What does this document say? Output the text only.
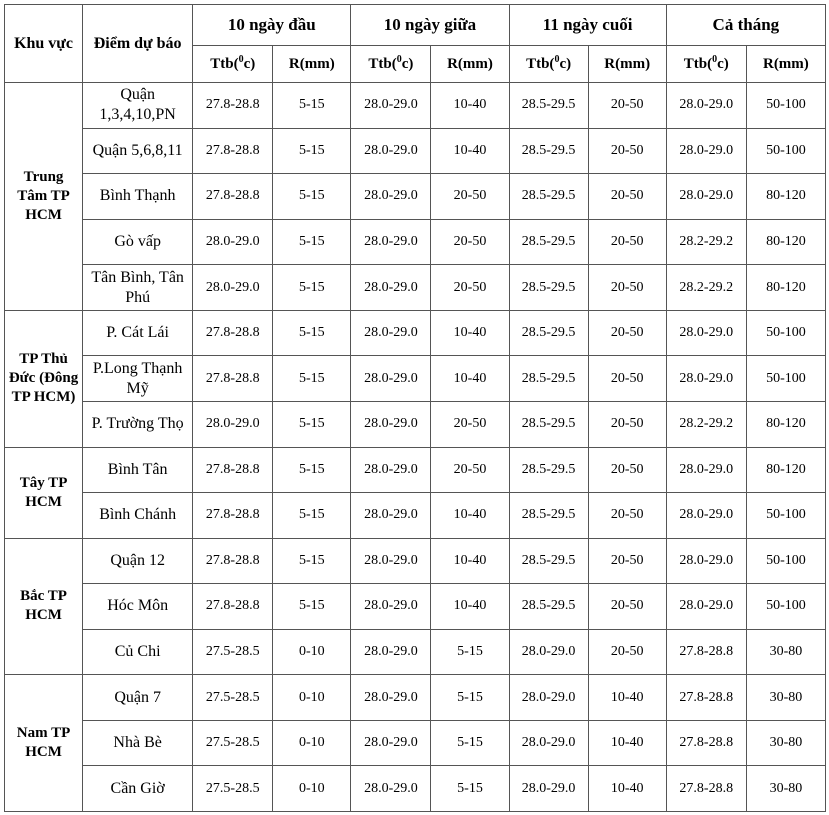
Khu vực	Điểm dự báo	10 ngày đầu		10 ngày giữa		11 ngày cuối		Cả tháng	
		Ttb($^0$c)	R(mm)	Ttb($^0$c)	R(mm)	Ttb($^0$c)	R(mm)	Ttb($^0$c)	R(mm)
Trung Tâm TP HCM	Quận 1,3,4,10,PN	27.8-28.8	5-15	28.0-29.0	10-40	28.5-29.5	20-50	28.0-29.0	50-100
	Quận 5,6,8,11	27.8-28.8	5-15	28.0-29.0	10-40	28.5-29.5	20-50	28.0-29.0	50-100
	Bình Thạnh	27.8-28.8	5-15	28.0-29.0	20-50	28.5-29.5	20-50	28.0-29.0	80-120
	Gò vấp	28.0-29.0	5-15	28.0-29.0	20-50	28.5-29.5	20-50	28.2-29.2	80-120
	Tân Bình, Tân Phú	28.0-29.0	5-15	28.0-29.0	20-50	28.5-29.5	20-50	28.2-29.2	80-120
TP Thủ Đức (Đông TP HCM)	P. Cát Lái	27.8-28.8	5-15	28.0-29.0	10-40	28.5-29.5	20-50	28.0-29.0	50-100
	P.Long Thạnh Mỹ	27.8-28.8	5-15	28.0-29.0	10-40	28.5-29.5	20-50	28.0-29.0	50-100
	P. Trường Thọ	28.0-29.0	5-15	28.0-29.0	20-50	28.5-29.5	20-50	28.2-29.2	80-120
Tây TP HCM	Bình Tân	27.8-28.8	5-15	28.0-29.0	20-50	28.5-29.5	20-50	28.0-29.0	80-120
	Bình Chánh	27.8-28.8	5-15	28.0-29.0	10-40	28.5-29.5	20-50	28.0-29.0	50-100
Bắc TP HCM	Quận 12	27.8-28.8	5-15	28.0-29.0	10-40	28.5-29.5	20-50	28.0-29.0	50-100
	Hóc Môn	27.8-28.8	5-15	28.0-29.0	10-40	28.5-29.5	20-50	28.0-29.0	50-100
	Củ Chi	27.5-28.5	0-10	28.0-29.0	5-15	28.0-29.0	20-50	27.8-28.8	30-80
Nam TP HCM	Quận 7	27.5-28.5	0-10	28.0-29.0	5-15	28.0-29.0	10-40	27.8-28.8	30-80
	Nhà Bè	27.5-28.5	0-10	28.0-29.0	5-15	28.0-29.0	10-40	27.8-28.8	30-80
	Cần Giờ	27.5-28.5	0-10	28.0-29.0	5-15	28.0-29.0	10-40	27.8-28.8	30-80
